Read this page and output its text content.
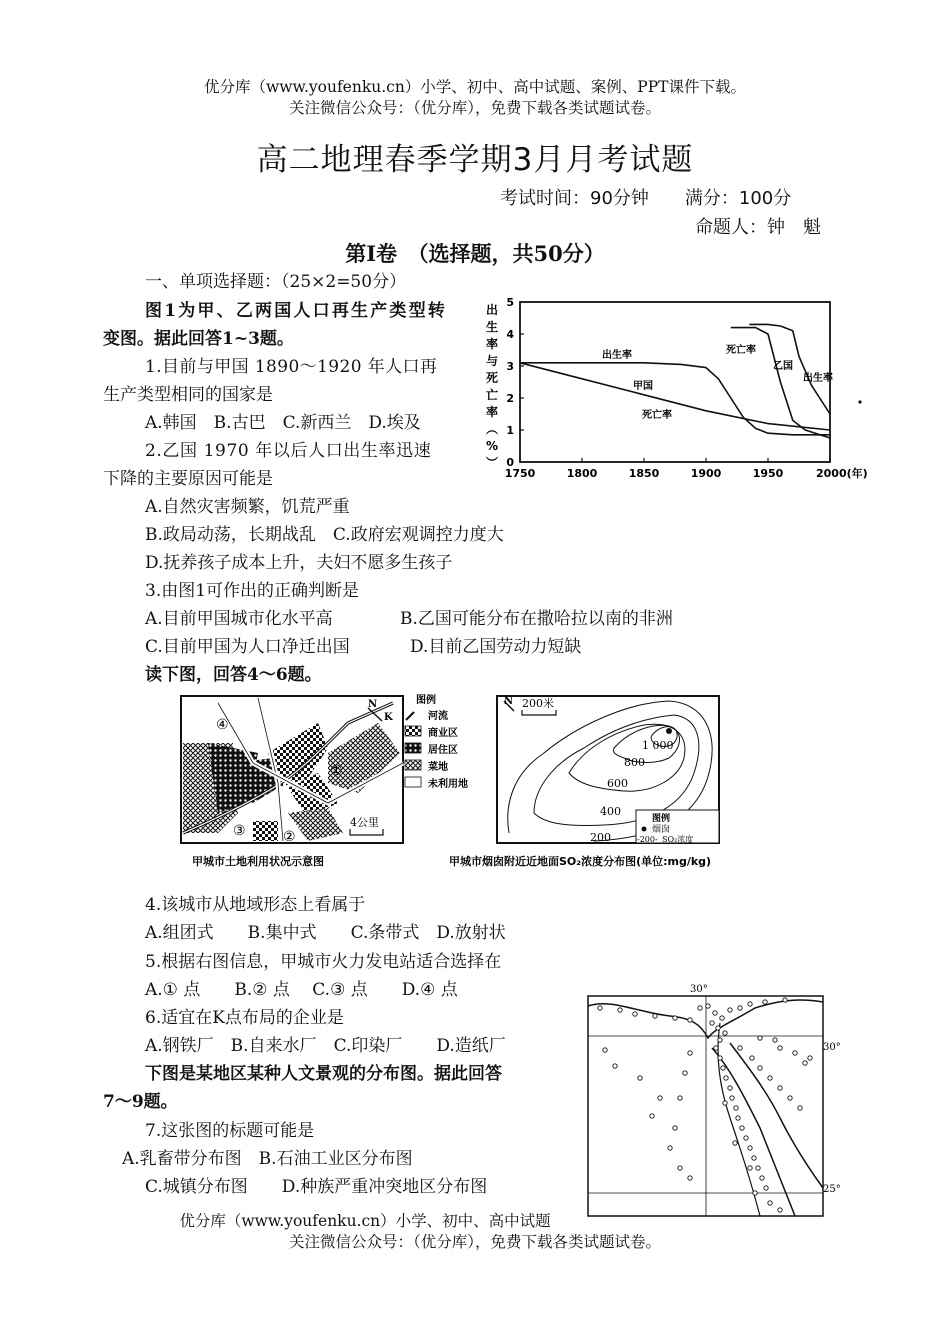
优分库（www.youfenku.cn）小学、初中、高中试题、案例、PPT课件下载。
关注微信公众号：（优分库），免费下载各类试题试卷。
高二地理春季学期3月月考试题
考试时间：90分钟　　满分：100分
命题人：钟　魁
第Ⅰ卷　（选择题，共50分）
一、单项选择题：（25×2=50分）
图1为甲、乙两国人口再生产类型转
变图。据此回答1~3题。
1.目前与甲国 1890～1920 年人口再
生产类型相同的国家是
A.韩国　B.古巴　C.新西兰　D.埃及
2.乙国 1970 年以后人口出生率迅速
下降的主要原因可能是
A.自然灾害频繁，饥荒严重
B.政局动荡，长期战乱　C.政府宏观调控力度大
D.抚养孩子成本上升，夫妇不愿多生孩子
3.由图1可作出的正确判断是
A.目前甲国城市化水平高	B.乙国可能分布在撒哈拉以南的非洲
C.目前甲国为人口净迁出国	D.目前乙国劳动力短缺
读下图，回答4～6题。
出
生
率
与
死
亡
率
︵
%
︶ 0
1
2
3
4
5
1750	1800	1850	1900	1950	2000(年)
出生率
甲国
死亡率
死亡率
乙国
出生率
④
①
②
③
K
N
4公里
图例
河流
商业区
居住区
菜地
未利用地
甲城市土地利用状况示意图
N 200米
1 000
800
600
400
200
图例
烟囱
-200- SO₂浓度
甲城市烟囱附近近地面SO₂浓度分布图(单位:mg/kg)
4.该城市从地域形态上看属于
A.组团式　　B.集中式　　C.条带式　D.放射状
5.根据右图信息，甲城市火力发电站适合选择在
A.① 点　　B.② 点　 C.③ 点　　D.④ 点
6.适宜在K点布局的企业是
A.钢铁厂　B.自来水厂　C.印染厂　　D.造纸厂
下图是某地区某种人文景观的分布图。据此回答
7～9题。
7.这张图的标题可能是
A.乳畜带分布图　B.石油工业区分布图
C.城镇分布图　　D.种族严重冲突地区分布图
30°
30°
25°
优分库（www.youfenku.cn）小学、初中、高中试题
关注微信公众号：（优分库），免费下载各类试题试卷。
